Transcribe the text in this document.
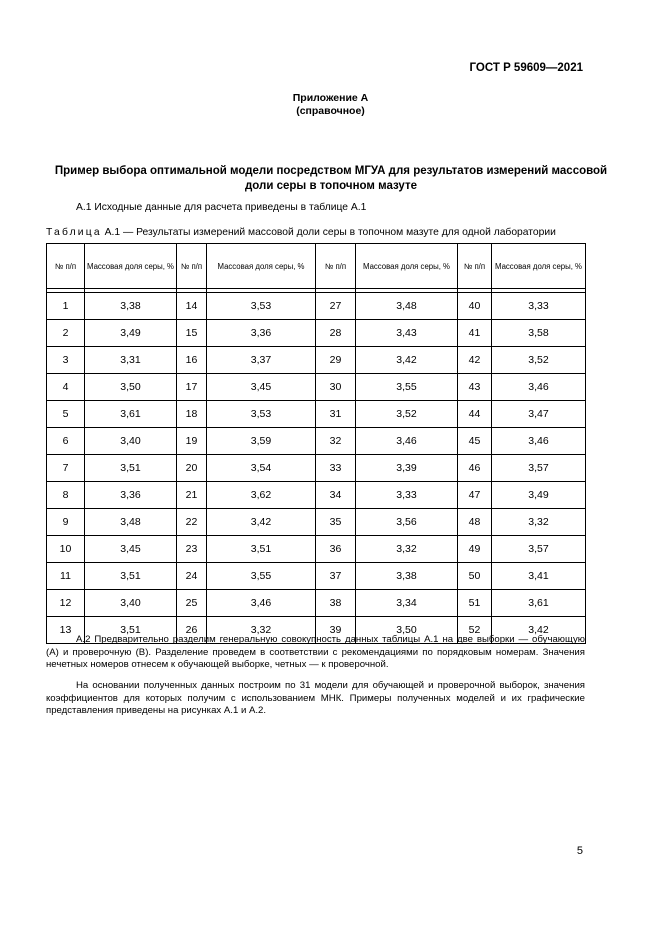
ГОСТ Р 59609—2021
Приложение А
(справочное)
Пример выбора оптимальной модели посредством МГУА для результатов измерений массовой доли серы в топочном мазуте
А.1 Исходные данные для расчета приведены в таблице А.1
Таблица А.1 — Результаты измерений массовой доли серы в топочном мазуте для одной лаборатории
№ п/п	Массовая доля серы, %	№ п/п	Массовая доля серы, %	№ п/п	Массовая доля серы, %	№ п/п	Массовая доля серы, %

1	3,38	14	3,53	27	3,48	40	3,33
2	3,49	15	3,36	28	3,43	41	3,58
3	3,31	16	3,37	29	3,42	42	3,52
4	3,50	17	3,45	30	3,55	43	3,46
5	3,61	18	3,53	31	3,52	44	3,47
6	3,40	19	3,59	32	3,46	45	3,46
7	3,51	20	3,54	33	3,39	46	3,57
8	3,36	21	3,62	34	3,33	47	3,49
9	3,48	22	3,42	35	3,56	48	3,32
10	3,45	23	3,51	36	3,32	49	3,57
11	3,51	24	3,55	37	3,38	50	3,41
12	3,40	25	3,46	38	3,34	51	3,61
13	3,51	26	3,32	39	3,50	52	3,42
А.2 Предварительно разделим генеральную совокупность данных таблицы А.1 на две выборки — обучающую (А) и проверочную (В). Разделение проведем в соответствии с рекомендациями по порядковым номерам. Значения нечетных номеров отнесем к обучающей выборке, четных — к проверочной.
На основании полученных данных построим по 31 модели для обучающей и проверочной выборок, значения коэффициентов для которых получим с использованием МНК. Примеры полученных моделей и их графические представления приведены на рисунках А.1 и А.2.
5
